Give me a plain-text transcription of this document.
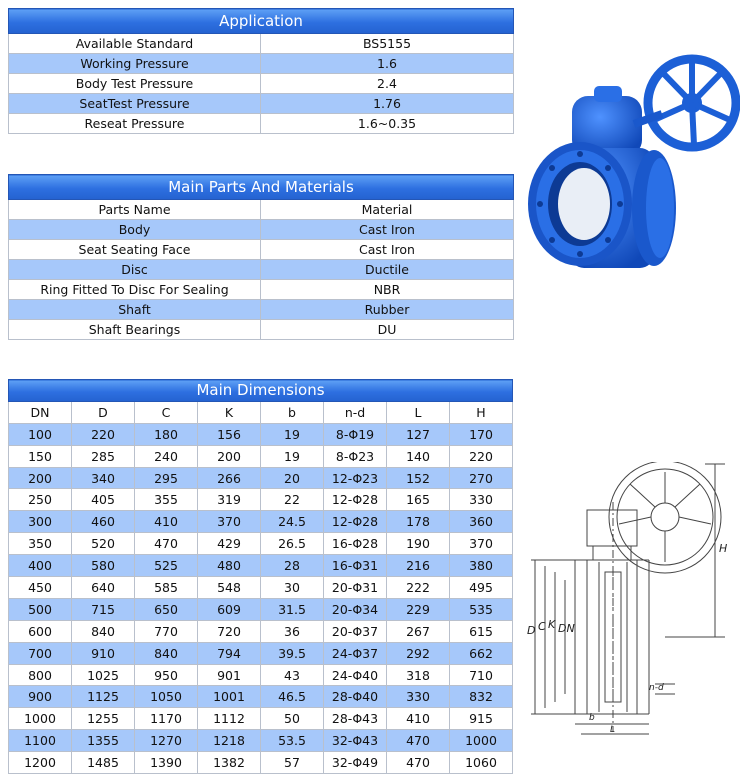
Application	
Available Standard	BS5155
Working Pressure	1.6
Body Test Pressure	2.4
SeatTest Pressure	1.76
Reseat Pressure	1.6~0.35
Main Parts And Materials	
Parts Name	Material
Body	Cast Iron
Seat Seating Face	Cast Iron
Disc	Ductile
Ring Fitted To Disc For Sealing	NBR
Shaft	Rubber
Shaft Bearings	DU
Main Dimensions							
DN	D	C	K	b	n-d	L	H
100	220	180	156	19	8-Φ19	127	170
150	285	240	200	19	8-Φ23	140	220
200	340	295	266	20	12-Φ23	152	270
250	405	355	319	22	12-Φ28	165	330
300	460	410	370	24.5	12-Φ28	178	360
350	520	470	429	26.5	16-Φ28	190	370
400	580	525	480	28	16-Φ31	216	380
450	640	585	548	30	20-Φ31	222	495
500	715	650	609	31.5	20-Φ34	229	535
600	840	770	720	36	20-Φ37	267	615
700	910	840	794	39.5	24-Φ37	292	662
800	1025	950	901	43	24-Φ40	318	710
900	1125	1050	1001	46.5	28-Φ40	330	832
1000	1255	1170	1112	50	28-Φ43	410	915
1100	1355	1270	1218	53.5	32-Φ43	470	1000
1200	1485	1390	1382	57	32-Φ49	470	1060
H
D C K DN
n-d
b
L
